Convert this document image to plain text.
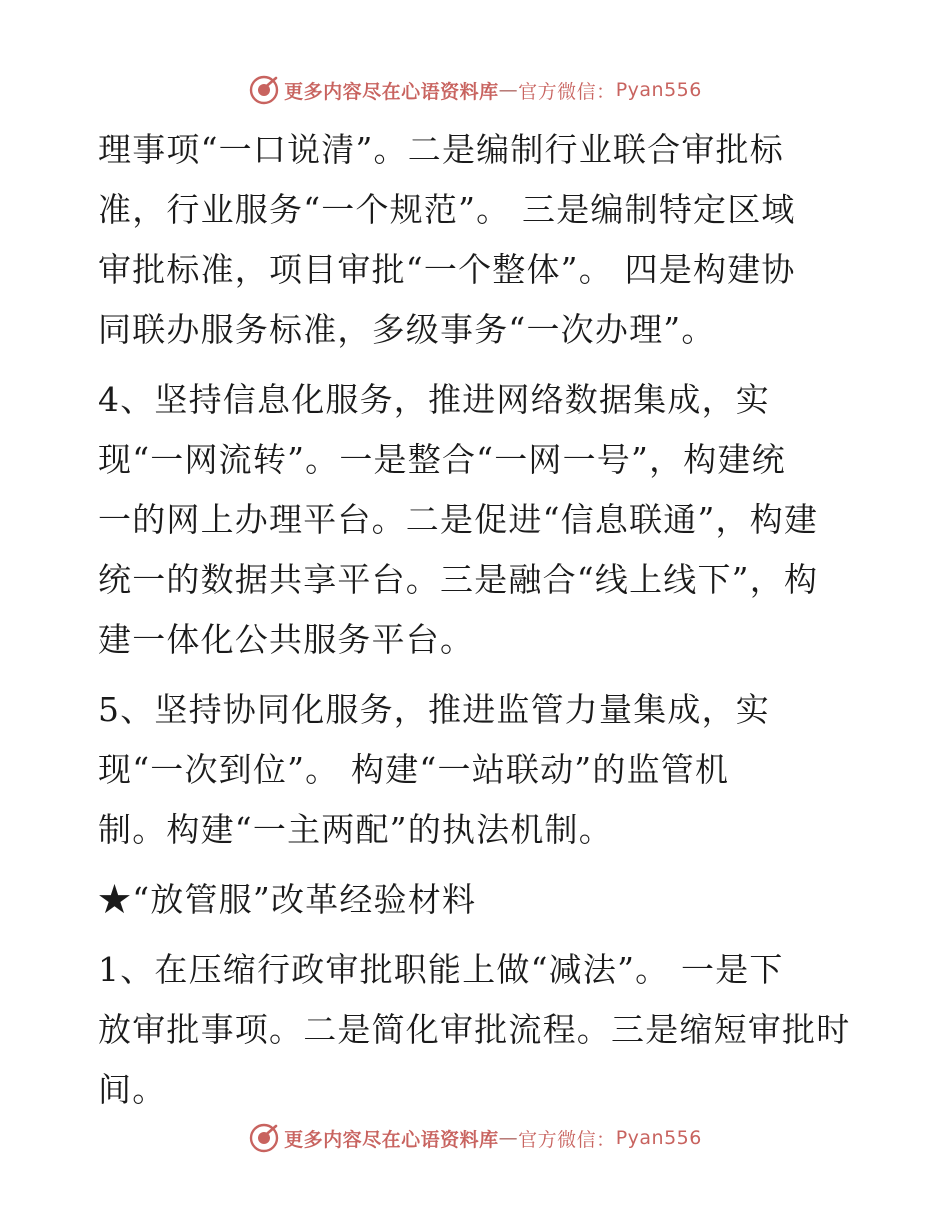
更多内容尽在心语资料库 — 官方微信： Pyan556
理事项“一口说清”。二是编制行业联合审批标
准，行业服务“一个规范”。 三是编制特定区域
审批标准，项目审批“一个整体”。 四是构建协
同联办服务标准，多级事务“一次办理”。
4、坚持信息化服务，推进网络数据集成，实
现“一网流转”。一是整合“一网一号”，构建统
一的网上办理平台。二是促进“信息联通”，构建
统一的数据共享平台。三是融合“线上线下”，构
建一体化公共服务平台。
5、坚持协同化服务，推进监管力量集成，实
现“一次到位”。 构建“一站联动”的监管机
制。构建“一主两配”的执法机制。
★“放管服”改革经验材料
1、在压缩行政审批职能上做“减法”。 一是下
放审批事项。二是简化审批流程。三是缩短审批时
间。
更多内容尽在心语资料库 — 官方微信： Pyan556
